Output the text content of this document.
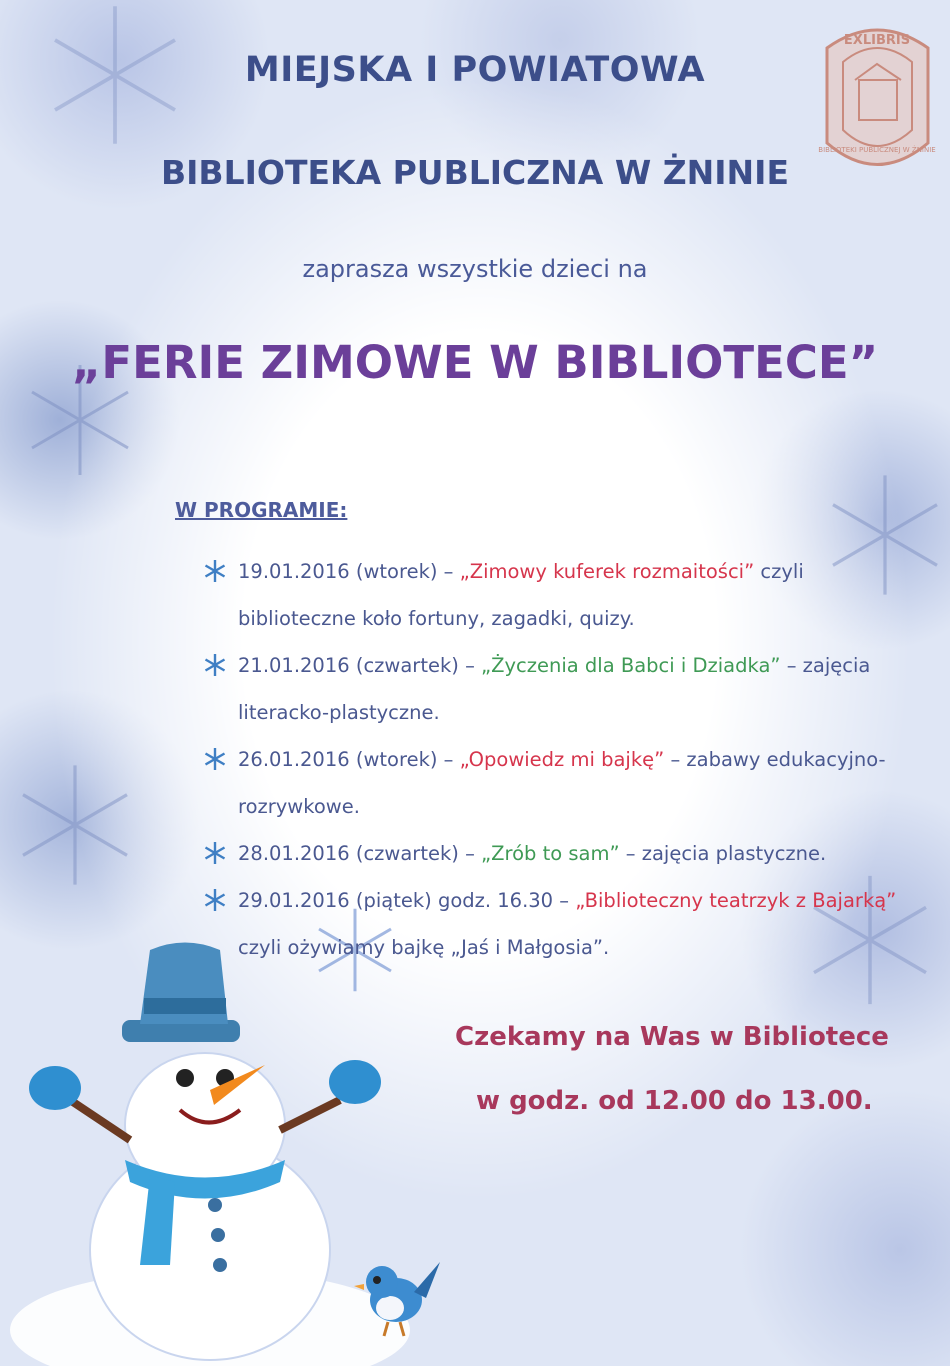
EXLIBRIS
BIBLIOTEKI PUBLICZNEJ W ŻNINIE
MIEJSKA I POWIATOWA
BIBLIOTEKA PUBLICZNA W ŻNINIE

zaprasza wszystkie dzieci na

„FERIE ZIMOWE W BIBLIOTECE”

W PROGRAMIE:

19.01.2016 (wtorek) – „Zimowy kuferek rozmaitości” czyli
biblioteczne koło fortuny, zagadki, quizy.
21.01.2016 (czwartek) – „Życzenia dla Babci i Dziadka” – zajęcia
literacko-plastyczne.
26.01.2016 (wtorek) – „Opowiedz mi bajkę” – zabawy edukacyjno-
rozrywkowe.
28.01.2016 (czwartek) – „Zrób to sam” – zajęcia plastyczne.
29.01.2016 (piątek) godz. 16.30 – „Biblioteczny teatrzyk z Bajarką”
czyli ożywiamy bajkę „Jaś i Małgosia”.

Czekamy na Was w Bibliotece

w godz. od 12.00 do 13.00.
